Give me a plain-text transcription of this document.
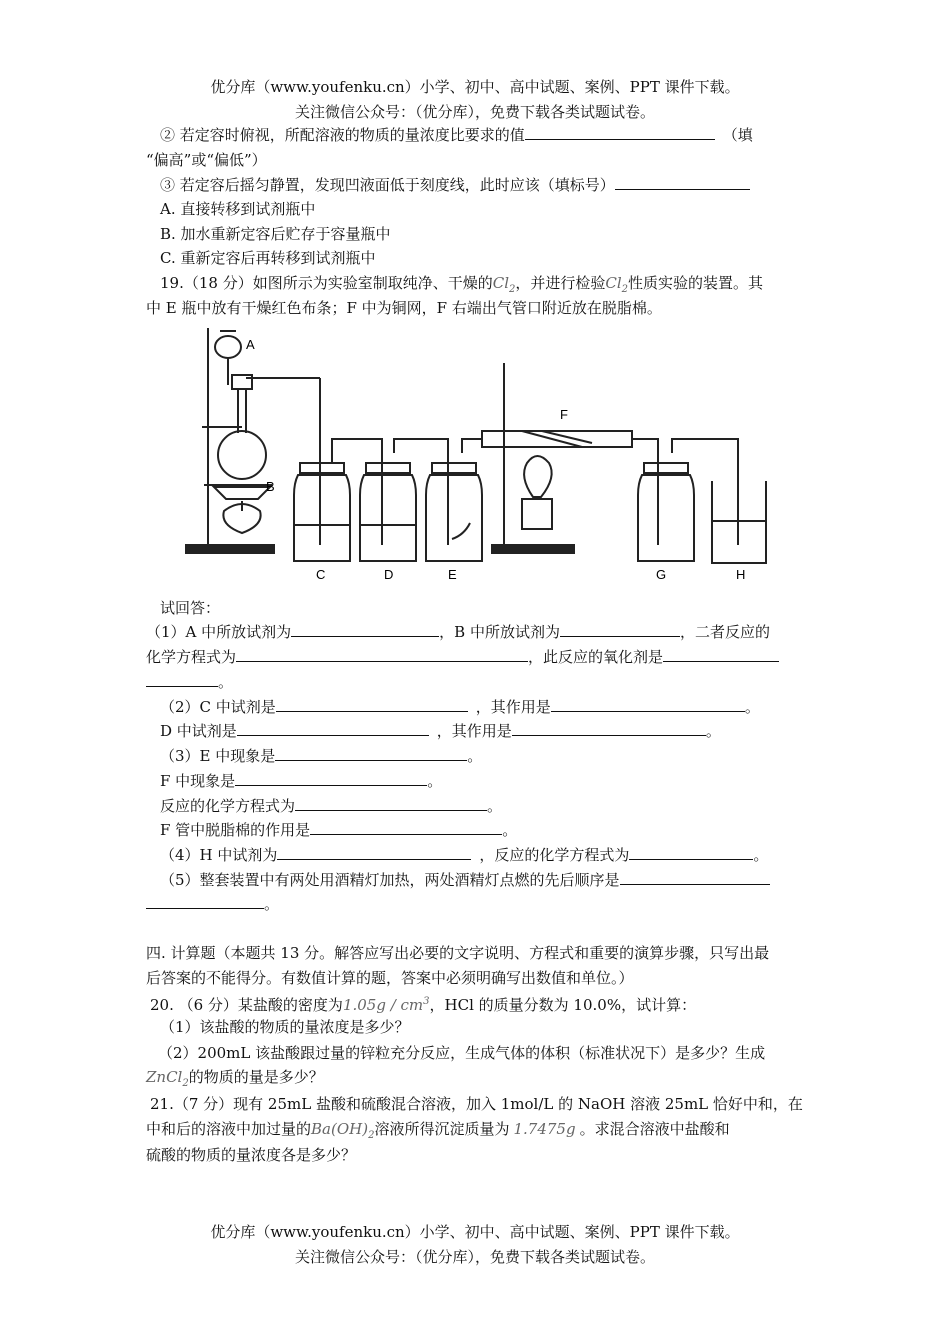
优分库（www.youfenku.cn）小学、初中、高中试题、案例、PPT 课件下载。
关注微信公众号：（优分库），免费下载各类试题试卷。
② 若定容时俯视，所配溶液的物质的量浓度比要求的值	（填
“偏高”或“偏低”）
③ 若定容后摇匀静置，发现凹液面低于刻度线，此时应该（填标号）
A. 直接转移到试剂瓶中
B. 加水重新定容后贮存于容量瓶中
C. 重新定容后再转移到试剂瓶中
19.（18 分）如图所示为实验室制取纯净、干燥的$Cl_2$，并进行检验$Cl_2$性质实验的装置。其
中 E 瓶中放有干燥红色布条；F 中为铜网，F 右端出气管口附近放在脱脂棉。
A
B
C	D	E
F
G	H
试回答：
（1）A 中所放试剂为	，B 中所放试剂为	，二者反应的
化学方程式为	，此反应的氧化剂是
。
（2）C 中试剂是	，其作用是	。
D 中试剂是	，其作用是	。
（3）E 中现象是	。
F 中现象是	。
反应的化学方程式为	。
F 管中脱脂棉的作用是	。
（4）H 中试剂为	，反应的化学方程式为	。
（5）整套装置中有两处用酒精灯加热，两处酒精灯点燃的先后顺序是
。
四. 计算题（本题共 13 分。解答应写出必要的文字说明、方程式和重要的演算步骤，只写出最
后答案的不能得分。有数值计算的题，答案中必须明确写出数值和单位。）
20. （6 分）某盐酸的密度为$1.05g / cm^3$，HCl 的质量分数为 10.0%，试计算：
（1）该盐酸的物质的量浓度是多少？
（2）200mL 该盐酸跟过量的锌粒充分反应，生成气体的体积（标准状况下）是多少？生成
ZnCl$_2$的物质的量是多少？
21.（7 分）现有 25mL 盐酸和硫酸混合溶液，加入 1mol/L 的 NaOH 溶液 25mL 恰好中和，在
中和后的溶液中加过量的$Ba(OH)_2$溶液所得沉淀质量为 1.7475g 。求混合溶液中盐酸和
硫酸的物质的量浓度各是多少？
优分库（www.youfenku.cn）小学、初中、高中试题、案例、PPT 课件下载。
关注微信公众号：（优分库），免费下载各类试题试卷。
